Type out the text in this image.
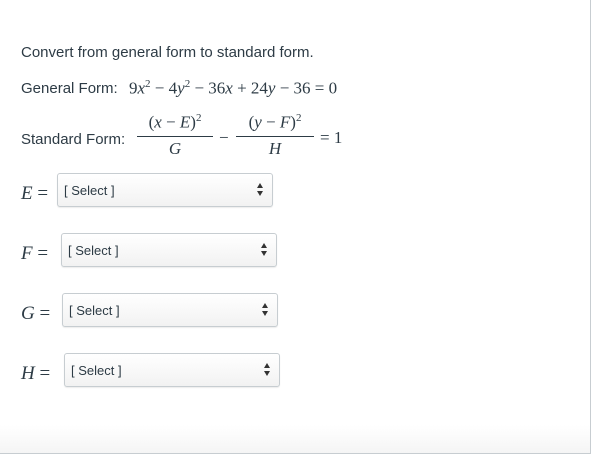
Convert from general form to standard form.
General Form: $9x^2 - 4y^2 - 36x + 24y - 36 = 0$
Standard Form:
$(x - E)^2$
G
−
$(y - F)^2$
H
= 1
E = [ Select ]
F = [ Select ]
G = [ Select ]
H = [ Select ]
